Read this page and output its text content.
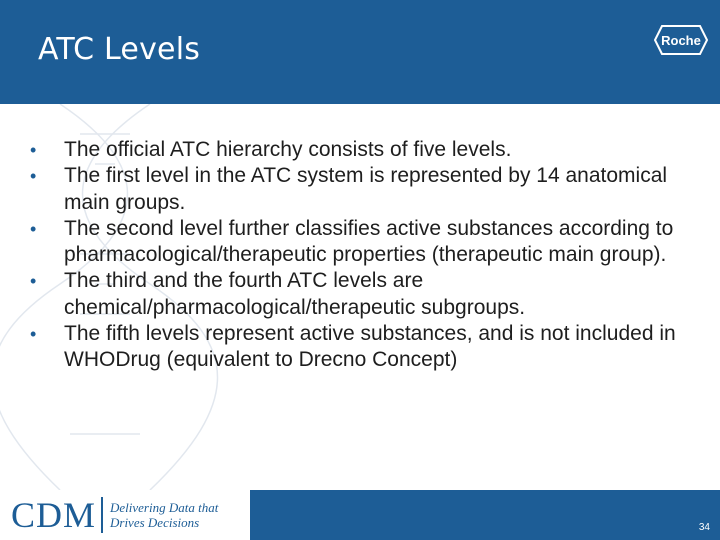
ATC Levels	Roche
• The official ATC hierarchy consists of five levels.
• The first level in the ATC system is represented by 14 anatomical main groups.
• The second level further classifies active substances according to pharmacological/therapeutic properties (therapeutic main group).
• The third and the fourth ATC levels are chemical/pharmacological/therapeutic subgroups.
• The fifth levels represent active substances, and is not included in WHODrug (equivalent to Drecno Concept)
CDM Delivering Data that
Drives Decisions	34
